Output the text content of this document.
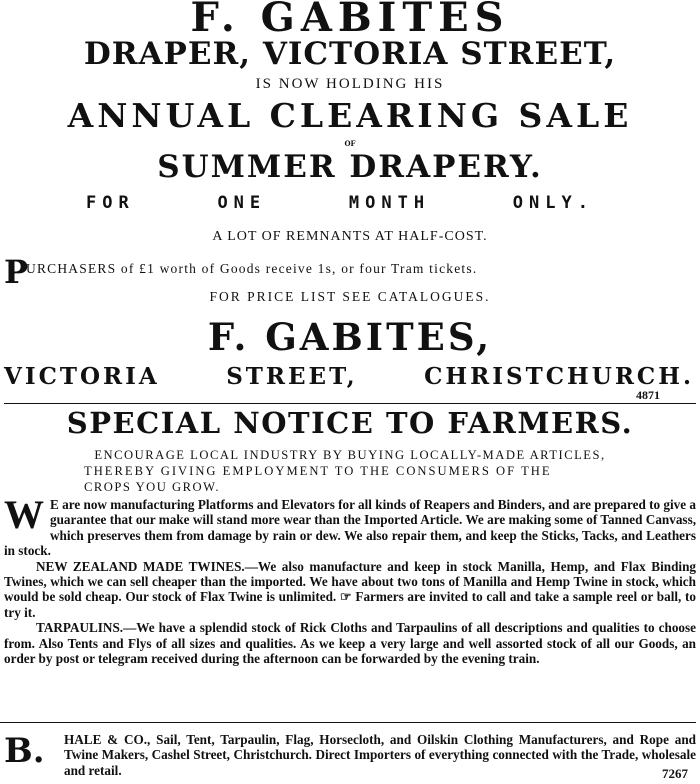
F. GABITES
DRAPER, VICTORIA STREET,
IS NOW HOLDING HIS
ANNUAL CLEARING SALE
OF
SUMMER DRAPERY.
FOR	ONE	MONTH	ONLY.
A LOT OF REMNANTS AT HALF-COST.
P
URCHASERS of £1 worth of Goods receive 1s, or four Tram tickets.
FOR PRICE LIST SEE CATALOGUES.
F. GABITES,
VICTORIA	STREET,	CHRISTCHURCH.
4871
SPECIAL NOTICE TO FARMERS.
ENCOURAGE LOCAL INDUSTRY BY BUYING LOCALLY-MADE ARTICLES,
THEREBY GIVING EMPLOYMENT TO THE CONSUMERS OF THE
CROPS YOU GROW.

W E are now manufacturing Platforms and Elevators for all kinds of Reapers and Binders, and are prepared to give a guarantee that our make will stand more wear than the Imported Article. We are making some of Tanned Canvass, which preserves them from damage by rain or dew. We also repair them, and keep the Sticks, Tacks, and Leathers in stock.

NEW ZEALAND MADE TWINES.—We also manufacture and keep in stock Manilla, Hemp, and Flax Binding Twines, which we can sell cheaper than the imported. We have about two tons of Manilla and Hemp Twine in stock, which would be sold cheap. Our stock of Flax Twine is unlimited. ☞ Farmers are invited to call and take a sample reel or ball, to try it.

TARPAULINS.—We have a splendid stock of Rick Cloths and Tarpaulins of all descriptions and qualities to choose from. Also Tents and Flys of all sizes and qualities. As we keep a very large and well assorted stock of all our Goods, an order by post or telegram received during the afternoon can be forwarded by the evening train.

B. HALE & CO., Sail, Tent, Tarpaulin, Flag, Horsecloth, and Oilskin Clothing Manufacturers, and Rope and Twine Makers, Cashel Street, Christchurch. Direct Importers of everything connected with the Trade, wholesale and retail.	7267
